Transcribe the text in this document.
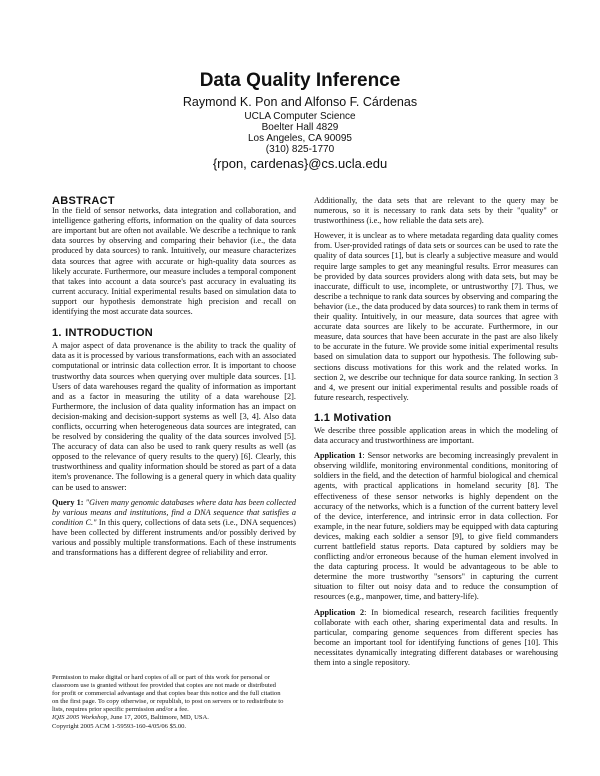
Data Quality Inference
Raymond K. Pon and Alfonso F. Cárdenas
UCLA Computer Science
Boelter Hall 4829
Los Angeles, CA 90095
(310) 825-1770
{rpon, cardenas}@cs.ucla.edu
ABSTRACT

In the field of sensor networks, data integration and collaboration, and intelligence gathering efforts, information on the quality of data sources are important but are often not available. We describe a technique to rank data sources by observing and comparing their behavior (i.e., the data produced by data sources) to rank. Intuitively, our measure characterizes data sources that agree with accurate or high-quality data sources as likely accurate. Furthermore, our measure includes a temporal component that takes into account a data source's past accuracy in evaluating its current accuracy. Initial experimental results based on simulation data to support our hypothesis demonstrate high precision and recall on identifying the most accurate data sources.

1. INTRODUCTION

A major aspect of data provenance is the ability to track the quality of data as it is processed by various transformations, each with an associated computational or intrinsic data collection error. It is important to choose trustworthy data sources when querying over multiple data sources. [1]. Users of data warehouses regard the quality of information as important and as a factor in measuring the utility of a data warehouse [2]. Furthermore, the inclusion of data quality information has an impact on decision-making and decision-support systems as well [3, 4]. Also data conflicts, occurring when heterogeneous data sources are integrated, can be resolved by considering the quality of the data sources involved [5]. The accuracy of data can also be used to rank query results as well (as opposed to the relevance of query results to the query) [6]. Clearly, this trustworthiness and quality information should be stored as part of a data item's provenance. The following is a general query in which data quality can be used to answer:

Query 1: "Given many genomic databases where data has been collected by various means and institutions, find a DNA sequence that satisfies a condition C." In this query, collections of data sets (i.e., DNA sequences) have been collected by different instruments and/or possibly derived by various and possibly multiple transformations. Each of these instruments and transformations has a different degree of reliability and error.

Permission to make digital or hard copies of all or part of this work for personal or classroom use is granted without fee provided that copies are not made or distributed for profit or commercial advantage and that copies bear this notice and the full citation on the first page. To copy otherwise, or republish, to post on servers or to redistribute to lists, requires prior specific permission and/or a fee.

IQIS 2005 Workshop, June 17, 2005, Baltimore, MD, USA.

Copyright 2005 ACM 1-59593-160-4/05/06 $5.00.

Additionally, the data sets that are relevant to the query may be numerous, so it is necessary to rank data sets by their "quality" or trustworthiness (i.e., how reliable the data sets are).

However, it is unclear as to where metadata regarding data quality comes from. User-provided ratings of data sets or sources can be used to rate the quality of data sources [1], but is clearly a subjective measure and would require large samples to get any meaningful results. Error measures can be provided by data sources providers along with data sets, but may be inaccurate, difficult to use, incomplete, or untrustworthy [7]. Thus, we describe a technique to rank data sources by observing and comparing the behavior (i.e., the data produced by data sources) to rank them in terms of their quality. Intuitively, in our measure, data sources that agree with accurate data sources are likely to be accurate. Furthermore, in our measure, data sources that have been accurate in the past are also likely to be accurate in the future. We provide some initial experimental results based on simulation data to support our hypothesis. The following sub-sections discuss motivations for this work and the related works. In section 2, we describe our technique for data source ranking. In section 3 and 4, we present our initial experimental results and possible roads of future research, respectively.

1.1 Motivation

We describe three possible application areas in which the modeling of data accuracy and trustworthiness are important.

Application 1: Sensor networks are becoming increasingly prevalent in observing wildlife, monitoring environmental conditions, monitoring of soldiers in the field, and the detection of harmful biological and chemical agents, with practical applications in homeland security [8]. The effectiveness of these sensor networks is highly dependent on the accuracy of the networks, which is a function of the current battery level of the device, interference, and intrinsic error in data collection. For example, in the near future, soldiers may be equipped with data capturing devices, making each soldier a sensor [9], to give field commanders current battlefield status reports. Data captured by soldiers may be conflicting and/or erroneous because of the human element involved in the data capturing process. It would be advantageous to be able to determine the more trustworthy "sensors" in capturing the current situation to filter out noisy data and to reduce the consumption of resources (e.g., manpower, time, and battery-life).

Application 2: In biomedical research, research facilities frequently collaborate with each other, sharing experimental data and results. In particular, comparing genome sequences from different species has become an important tool for identifying functions of genes [10]. This necessitates dynamically integrating different databases or warehousing them into a single repository.
